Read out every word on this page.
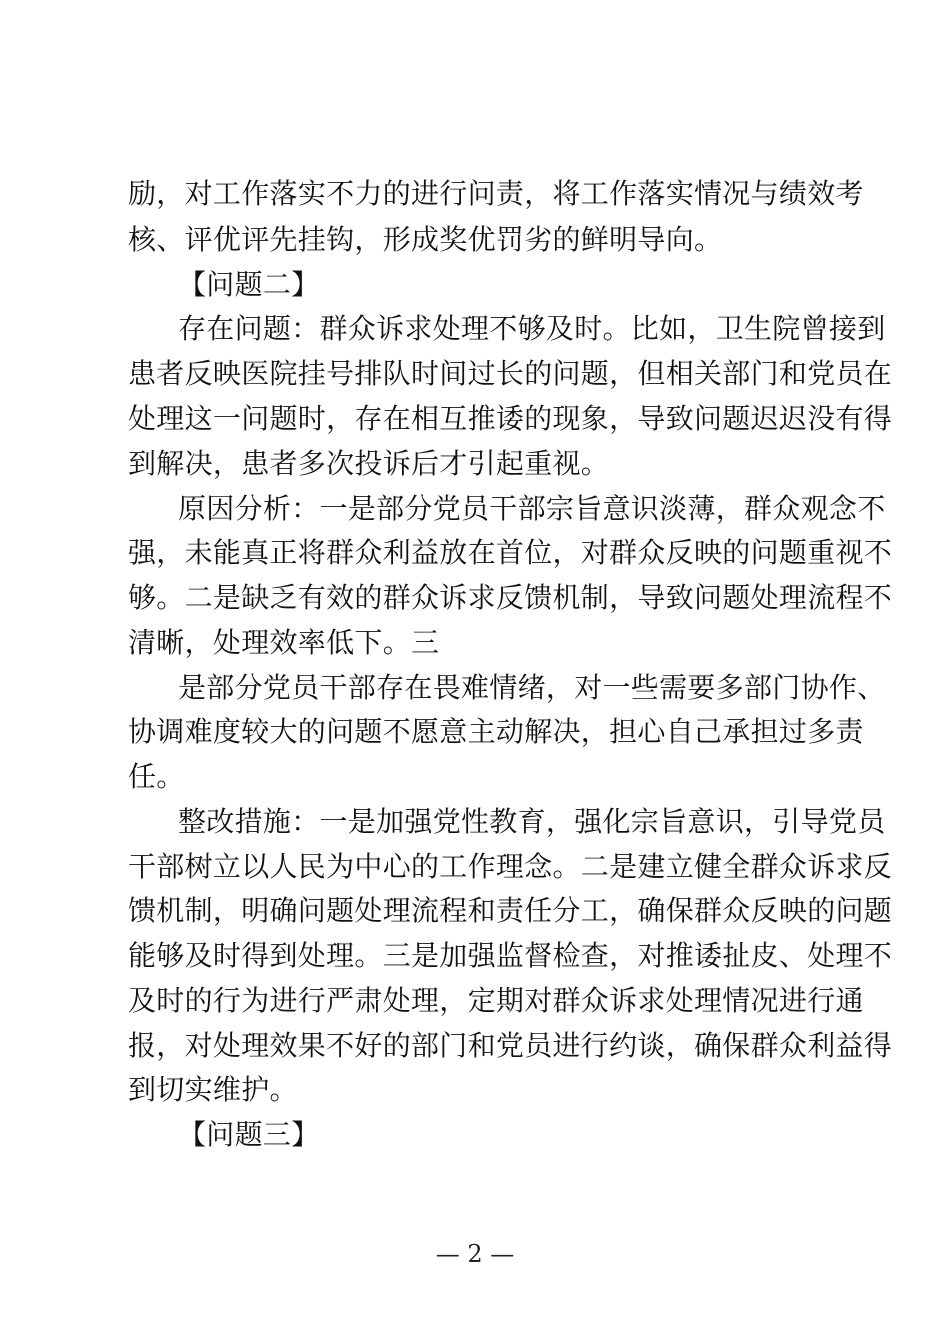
励，对工作落实不力的进行问责，将工作落实情况与绩效考
核、评优评先挂钩，形成奖优罚劣的鲜明导向。
【问题二】
存在问题：群众诉求处理不够及时。比如，卫生院曾接到
患者反映医院挂号排队时间过长的问题，但相关部门和党员在
处理这一问题时，存在相互推诿的现象，导致问题迟迟没有得
到解决，患者多次投诉后才引起重视。
原因分析：一是部分党员干部宗旨意识淡薄，群众观念不
强，未能真正将群众利益放在首位，对群众反映的问题重视不
够。二是缺乏有效的群众诉求反馈机制，导致问题处理流程不
清晰，处理效率低下。三
是部分党员干部存在畏难情绪，对一些需要多部门协作、
协调难度较大的问题不愿意主动解决，担心自己承担过多责
任。
整改措施：一是加强党性教育，强化宗旨意识，引导党员
干部树立以人民为中心的工作理念。二是建立健全群众诉求反
馈机制，明确问题处理流程和责任分工，确保群众反映的问题
能够及时得到处理。三是加强监督检查，对推诿扯皮、处理不
及时的行为进行严肃处理，定期对群众诉求处理情况进行通
报，对处理效果不好的部门和党员进行约谈，确保群众利益得
到切实维护。
【问题三】
— 2 —
